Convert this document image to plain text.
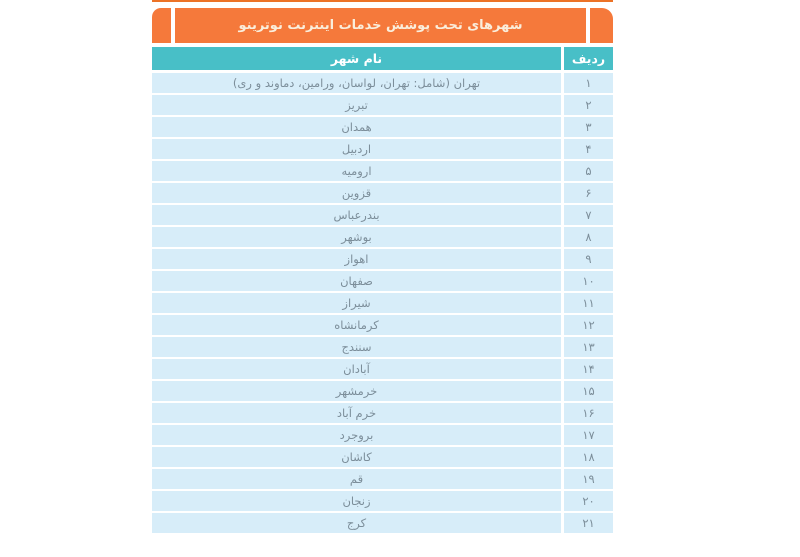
شهرهای تحت پوشش خدمات اینترنت نوترینو
ردیف
نام شهر
۱
تهران (شامل: تهران، لواسان، ورامین، دماوند و ری)
۲
تبریز
۳
همدان
۴
اردبیل
۵
ارومیه
۶
قزوین
۷
بندرعباس
۸
بوشهر
۹
اهواز
۱۰
صفهان
۱۱
شیراز
۱۲
کرمانشاه
۱۳
سنندج
۱۴
آبادان
۱۵
خرمشهر
۱۶
خرم آباد
۱۷
بروجرد
۱۸
کاشان
۱۹
قم
۲۰
زنجان
۲۱
کرج
